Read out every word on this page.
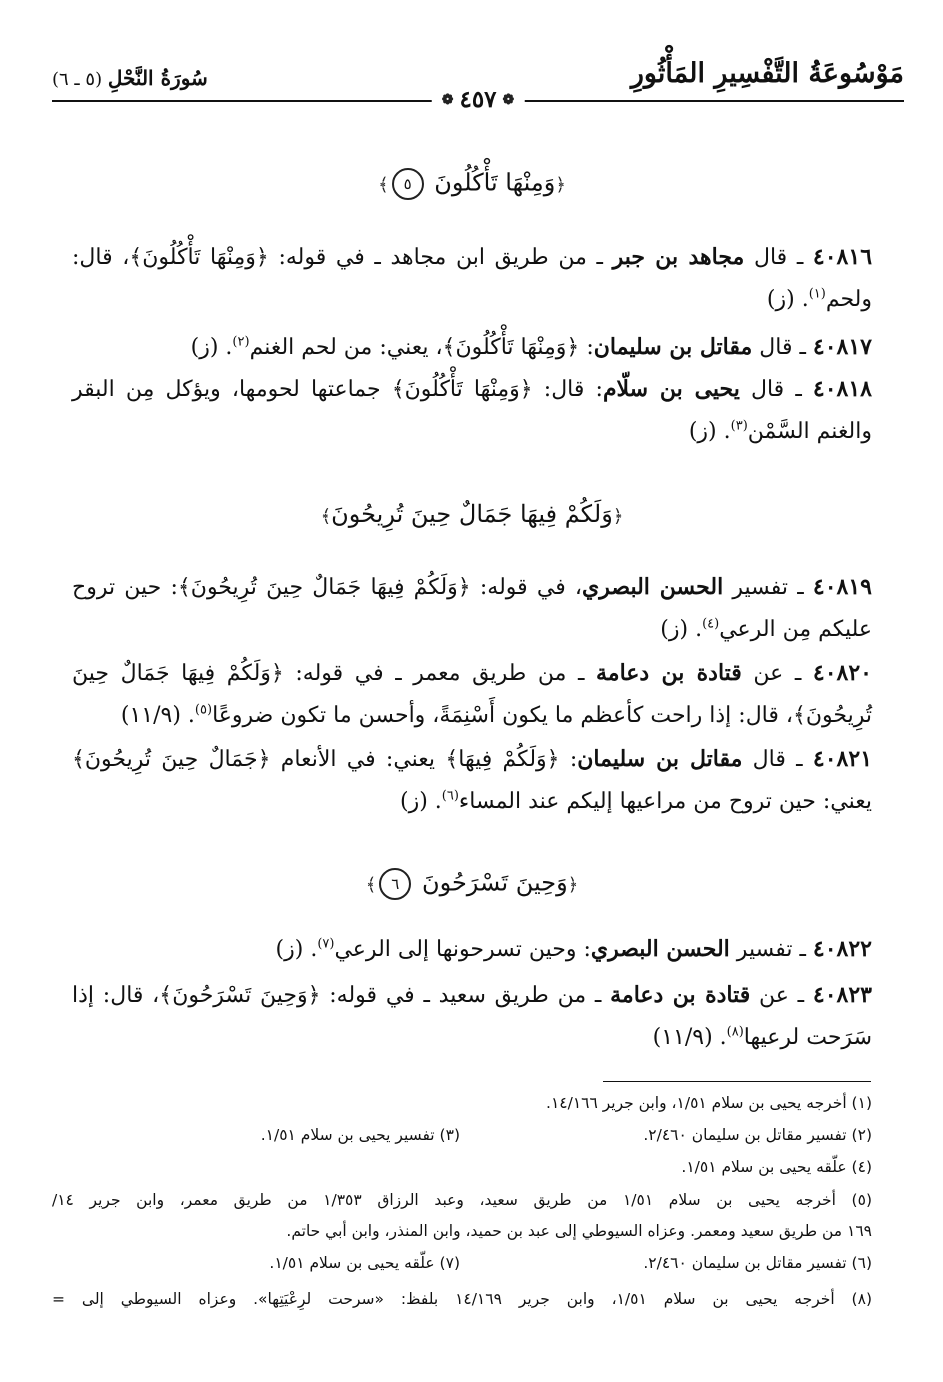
مَوْسُوعَةُ التَّفْسِيرِ المَأْثُورِ
سُورَةُ النَّحْلِ (٥ ـ ٦)
❁ ٤٥٧ ❁
﴿وَمِنْهَا تَأْكُلُونَ ٥﴾
٤٠٨١٦ ـ قال مجاهد بن جبر ـ من طريق ابن مجاهد ـ في قوله: ﴿وَمِنْهَا تَأْكُلُونَ﴾، قال: ولحم$^{(١)}$. (ز)
٤٠٨١٧ ـ قال مقاتل بن سليمان: ﴿وَمِنْهَا تَأْكُلُونَ﴾، يعني: من لحم الغنم$^{(٢)}$. (ز)
٤٠٨١٨ ـ قال يحيى بن سلّام: قال: ﴿وَمِنْهَا تَأْكُلُونَ﴾ جماعتها لحومها، ويؤكل مِن البقر والغنم السَّمْن$^{(٣)}$. (ز)
﴿وَلَكُمْ فِيهَا جَمَالٌ حِينَ تُرِيحُونَ﴾
٤٠٨١٩ ـ تفسير الحسن البصري، في قوله: ﴿وَلَكُمْ فِيهَا جَمَالٌ حِينَ تُرِيحُونَ﴾: حين تروح عليكم مِن الرعي$^{(٤)}$. (ز)
٤٠٨٢٠ ـ عن قتادة بن دعامة ـ من طريق معمر ـ في قوله: ﴿وَلَكُمْ فِيهَا جَمَالٌ حِينَ تُرِيحُونَ﴾، قال: إذا راحت كأعظم ما يكون أَسْنِمَةً، وأحسن ما تكون ضروعًا$^{(٥)}$. (١١/٩)
٤٠٨٢١ ـ قال مقاتل بن سليمان: ﴿وَلَكُمْ فِيهَا﴾ يعني: في الأنعام ﴿جَمَالٌ حِينَ تُرِيحُونَ﴾ يعني: حين تروح من مراعيها إليكم عند المساء$^{(٦)}$. (ز)
﴿وَحِينَ تَسْرَحُونَ ٦﴾
٤٠٨٢٢ ـ تفسير الحسن البصري: وحين تسرحونها إلى الرعي$^{(٧)}$. (ز)
٤٠٨٢٣ ـ عن قتادة بن دعامة ـ من طريق سعيد ـ في قوله: ﴿وَحِينَ تَسْرَحُونَ﴾، قال: إذا سَرَحت لرعيها$^{(٨)}$. (١١/٩)
(١) أخرجه يحيى بن سلام ١/٥١، وابن جرير ١٤/١٦٦.
(٢) تفسير مقاتل بن سليمان ٢/٤٦٠.
(٣) تفسير يحيى بن سلام ١/٥١.
(٤) علّقه يحيى بن سلام ١/٥١.
(٥) أخرجه يحيى بن سلام ١/٥١ من طريق سعيد، وعبد الرزاق ١/٣٥٣ من طريق معمر، وابن جرير ١٤/
١٦٩ من طريق سعيد ومعمر. وعزاه السيوطي إلى عبد بن حميد، وابن المنذر، وابن أبي حاتم.
(٦) تفسير مقاتل بن سليمان ٢/٤٦٠.
(٧) علّقه يحيى بن سلام ١/٥١.
(٨) أخرجه يحيى بن سلام ١/٥١، وابن جرير ١٤/١٦٩ بلفظ: «سرحت لرِعْيَتِها». وعزاه السيوطي إلى =
